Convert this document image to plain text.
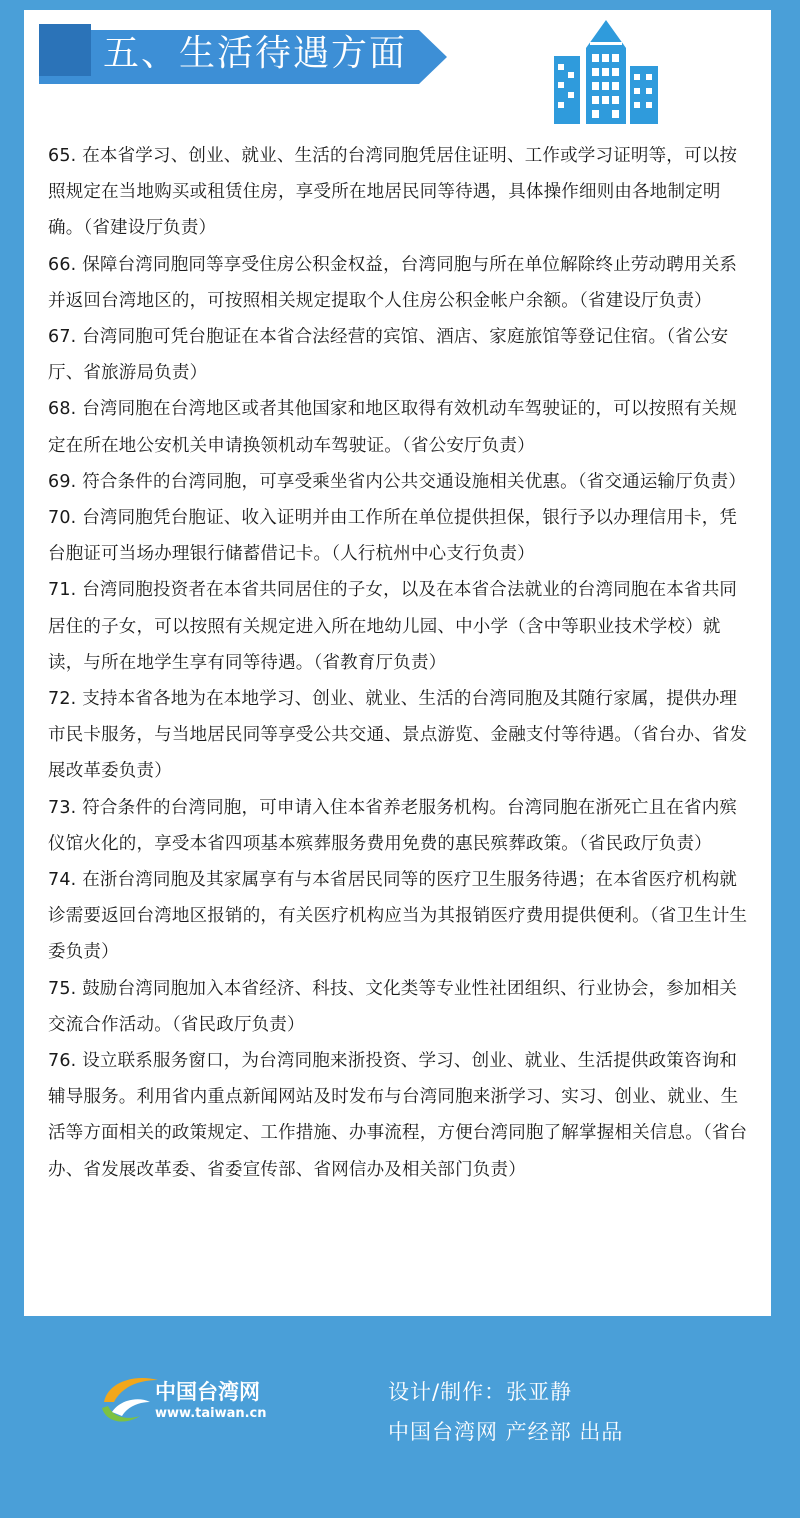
五、生活待遇方面

65. 在本省学习、创业、就业、生活的台湾同胞凭居住证明、工作或学习证明等，可以按照规定在当地购买或租赁住房，享受所在地居民同等待遇，具体操作细则由各地制定明确。（省建设厅负责）

66. 保障台湾同胞同等享受住房公积金权益，台湾同胞与所在单位解除终止劳动聘用关系并返回台湾地区的，可按照相关规定提取个人住房公积金帐户余额。（省建设厅负责）

67. 台湾同胞可凭台胞证在本省合法经营的宾馆、酒店、家庭旅馆等登记住宿。（省公安厅、省旅游局负责）

68. 台湾同胞在台湾地区或者其他国家和地区取得有效机动车驾驶证的，可以按照有关规定在所在地公安机关申请换领机动车驾驶证。（省公安厅负责）

69. 符合条件的台湾同胞，可享受乘坐省内公共交通设施相关优惠。（省交通运输厅负责）

70. 台湾同胞凭台胞证、收入证明并由工作所在单位提供担保，银行予以办理信用卡，凭台胞证可当场办理银行储蓄借记卡。（人行杭州中心支行负责）

71. 台湾同胞投资者在本省共同居住的子女，以及在本省合法就业的台湾同胞在本省共同居住的子女，可以按照有关规定进入所在地幼儿园、中小学（含中等职业技术学校）就读，与所在地学生享有同等待遇。（省教育厅负责）

72. 支持本省各地为在本地学习、创业、就业、生活的台湾同胞及其随行家属，提供办理市民卡服务，与当地居民同等享受公共交通、景点游览、金融支付等待遇。（省台办、省发展改革委负责）

73. 符合条件的台湾同胞，可申请入住本省养老服务机构。台湾同胞在浙死亡且在省内殡仪馆火化的，享受本省四项基本殡葬服务费用免费的惠民殡葬政策。（省民政厅负责）

74. 在浙台湾同胞及其家属享有与本省居民同等的医疗卫生服务待遇；在本省医疗机构就诊需要返回台湾地区报销的，有关医疗机构应当为其报销医疗费用提供便利。（省卫生计生委负责）

75. 鼓励台湾同胞加入本省经济、科技、文化类等专业性社团组织、行业协会，参加相关交流合作活动。（省民政厅负责）

76. 设立联系服务窗口，为台湾同胞来浙投资、学习、创业、就业、生活提供政策咨询和辅导服务。利用省内重点新闻网站及时发布与台湾同胞来浙学习、实习、创业、就业、生活等方面相关的政策规定、工作措施、办事流程，方便台湾同胞了解掌握相关信息。（省台办、省发展改革委、省委宣传部、省网信办及相关部门负责）

中国台湾网
www.taiwan.cn
设计/制作：张亚静
中国台湾网 产经部 出品
